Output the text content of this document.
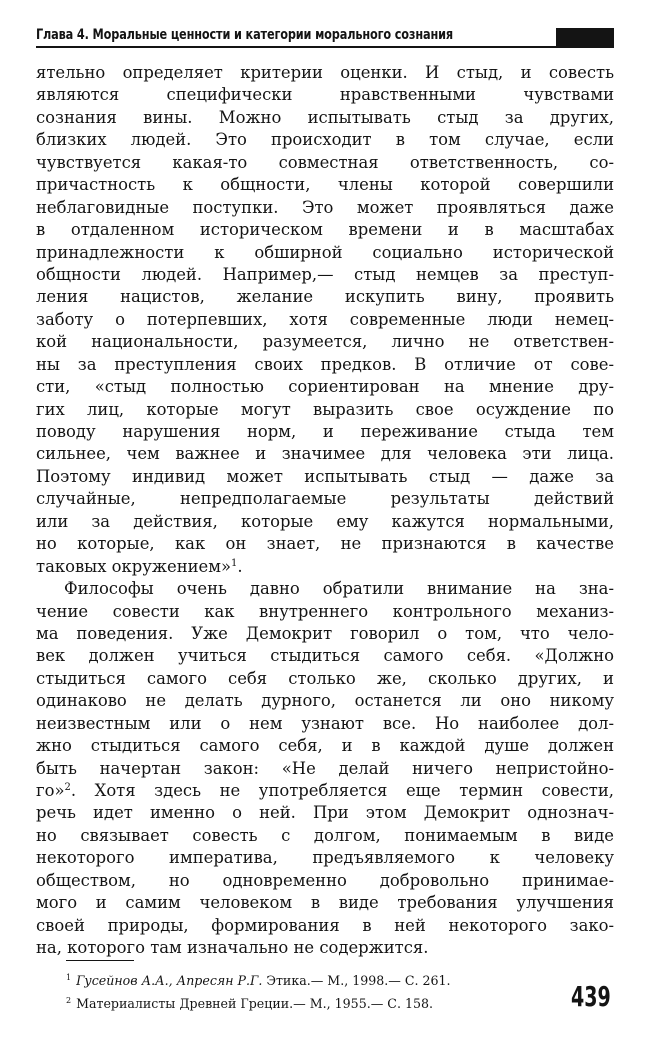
Глава 4. Моральные ценности и категории морального сознания
ятельно определяет критерии оценки. И стыд, и совесть
являются специфически нравственными чувствами
сознания вины. Можно испытывать стыд за других,
близких людей. Это происходит в том случае, если
чувствуется какая-то совместная ответственность, со-
причастность к общности, члены которой совершили
неблаговидные поступки. Это может проявляться даже
в отдаленном историческом времени и в масштабах
принадлежности к обширной социально исторической
общности людей. Например,— стыд немцев за преступ-
ления нацистов, желание искупить вину, проявить
заботу о потерпевших, хотя современные люди немец-
кой национальности, разумеется, лично не ответствен-
ны за преступления своих предков. В отличие от сове-
сти, «стыд полностью сориентирован на мнение дру-
гих лиц, которые могут выразить свое осуждение по
поводу нарушения норм, и переживание стыда тем
сильнее, чем важнее и значимее для человека эти лица.
Поэтому индивид может испытывать стыд — даже за
случайные, непредполагаемые результаты действий
или за действия, которые ему кажутся нормальными,
но которые, как он знает, не признаются в качестве
таковых окружением»$^1$.
Философы очень давно обратили внимание на зна-
чение совести как внутреннего контрольного механиз-
ма поведения. Уже Демокрит говорил о том, что чело-
век должен учиться стыдиться самого себя. «Должно
стыдиться самого себя столько же, сколько других, и
одинаково не делать дурного, останется ли оно никому
неизвестным или о нем узнают все. Но наиболее дол-
жно стыдиться самого себя, и в каждой душе должен
быть начертан закон: «Не делай ничего непристойно-
го»$^2$. Хотя здесь не употребляется еще термин совести,
речь идет именно о ней. При этом Демокрит однознач-
но связывает совесть с долгом, понимаемым в виде
некоторого императива, предъявляемого к человеку
обществом, но одновременно добровольно принимае-
мого и самим человеком в виде требования улучшения
своей природы, формирования в ней некоторого зако-
на, которого там изначально не содержится.
$^1$ Гусейнов А.А., Апресян Р.Г. Этика.— М., 1998.— С. 261.
$^2$ Материалисты Древней Греции.— М., 1955.— С. 158.	439
